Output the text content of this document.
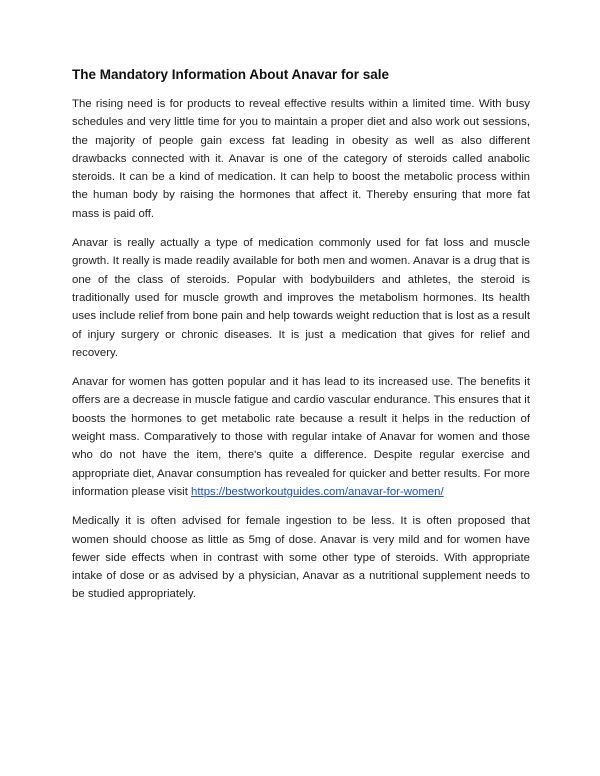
The Mandatory Information About Anavar for sale

The rising need is for products to reveal effective results within a limited time. With busy schedules and very little time for you to maintain a proper diet and also work out sessions, the majority of people gain excess fat leading in obesity as well as also different drawbacks connected with it. Anavar is one of the category of steroids called anabolic steroids. It can be a kind of medication. It can help to boost the metabolic process within the human body by raising the hormones that affect it. Thereby ensuring that more fat mass is paid off.

Anavar is really actually a type of medication commonly used for fat loss and muscle growth. It really is made readily available for both men and women. Anavar is a drug that is one of the class of steroids. Popular with bodybuilders and athletes, the steroid is traditionally used for muscle growth and improves the metabolism hormones. Its health uses include relief from bone pain and help towards weight reduction that is lost as a result of injury surgery or chronic diseases. It is just a medication that gives for relief and recovery.

Anavar for women has gotten popular and it has lead to its increased use. The benefits it offers are a decrease in muscle fatigue and cardio vascular endurance. This ensures that it boosts the hormones to get metabolic rate because a result it helps in the reduction of weight mass. Comparatively to those with regular intake of Anavar for women and those who do not have the item, there's quite a difference. Despite regular exercise and appropriate diet, Anavar consumption has revealed for quicker and better results. For more information please visit https://bestworkoutguides.com/anavar-for-women/

Medically it is often advised for female ingestion to be less. It is often proposed that women should choose as little as 5mg of dose. Anavar is very mild and for women have fewer side effects when in contrast with some other type of steroids. With appropriate intake of dose or as advised by a physician, Anavar as a nutritional supplement needs to be studied appropriately.
